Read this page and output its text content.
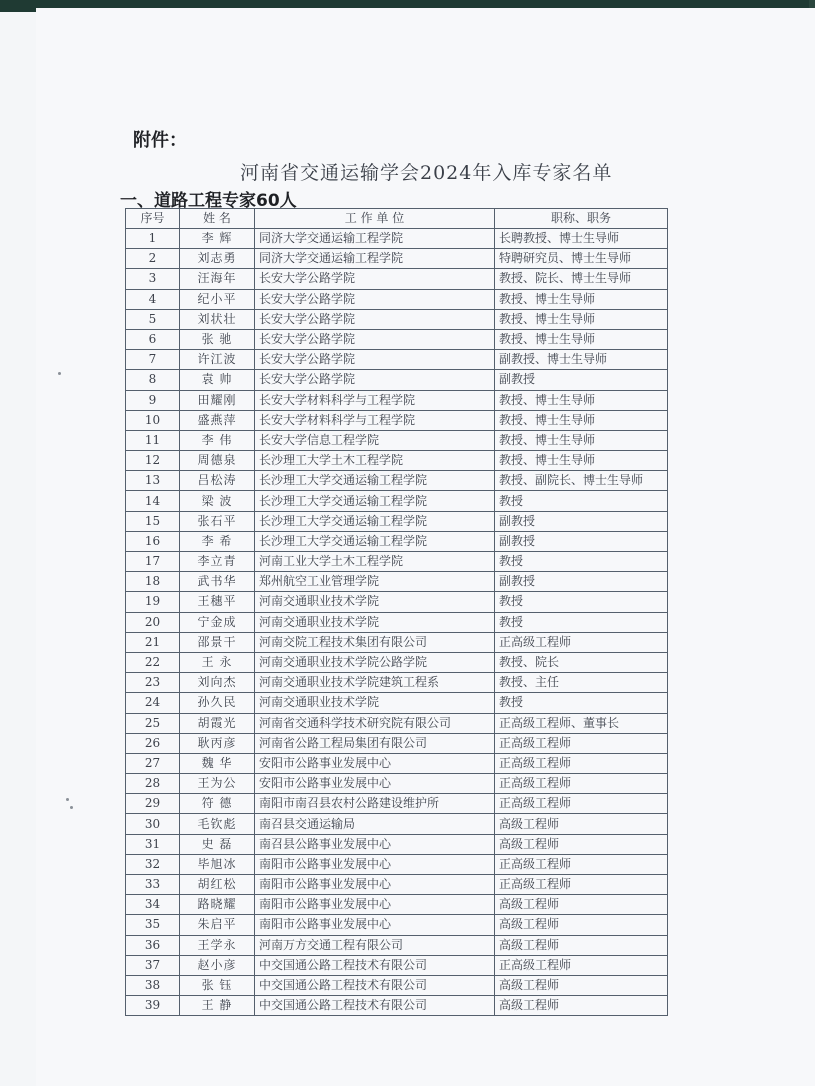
附件：
河南省交通运输学会2024年入库专家名单
一、道路工程专家60人
序号	姓 名	工 作 单 位	职称、职务
1	李 辉	同济大学交通运输工程学院	长聘教授、博士生导师
2	刘志勇	同济大学交通运输工程学院	特聘研究员、博士生导师
3	汪海年	长安大学公路学院	教授、院长、博士生导师
4	纪小平	长安大学公路学院	教授、博士生导师
5	刘状壮	长安大学公路学院	教授、博士生导师
6	张 驰	长安大学公路学院	教授、博士生导师
7	许江波	长安大学公路学院	副教授、博士生导师
8	袁 帅	长安大学公路学院	副教授
9	田耀刚	长安大学材料科学与工程学院	教授、博士生导师
10	盛燕萍	长安大学材料科学与工程学院	教授、博士生导师
11	李 伟	长安大学信息工程学院	教授、博士生导师
12	周德泉	长沙理工大学土木工程学院	教授、博士生导师
13	吕松涛	长沙理工大学交通运输工程学院	教授、副院长、博士生导师
14	梁 波	长沙理工大学交通运输工程学院	教授
15	张石平	长沙理工大学交通运输工程学院	副教授
16	李 希	长沙理工大学交通运输工程学院	副教授
17	李立青	河南工业大学土木工程学院	教授
18	武书华	郑州航空工业管理学院	副教授
19	王穗平	河南交通职业技术学院	教授
20	宁金成	河南交通职业技术学院	教授
21	邵景干	河南交院工程技术集团有限公司	正高级工程师
22	王 永	河南交通职业技术学院公路学院	教授、院长
23	刘向杰	河南交通职业技术学院建筑工程系	教授、主任
24	孙久民	河南交通职业技术学院	教授
25	胡霞光	河南省交通科学技术研究院有限公司	正高级工程师、董事长
26	耿丙彦	河南省公路工程局集团有限公司	正高级工程师
27	魏 华	安阳市公路事业发展中心	正高级工程师
28	王为公	安阳市公路事业发展中心	正高级工程师
29	符 德	南阳市南召县农村公路建设维护所	正高级工程师
30	毛钦彪	南召县交通运输局	高级工程师
31	史 磊	南召县公路事业发展中心	高级工程师
32	毕旭冰	南阳市公路事业发展中心	正高级工程师
33	胡红松	南阳市公路事业发展中心	正高级工程师
34	路晓耀	南阳市公路事业发展中心	高级工程师
35	朱启平	南阳市公路事业发展中心	高级工程师
36	王学永	河南万方交通工程有限公司	高级工程师
37	赵小彦	中交国通公路工程技术有限公司	正高级工程师
38	张 钰	中交国通公路工程技术有限公司	高级工程师
39	王 静	中交国通公路工程技术有限公司	高级工程师
